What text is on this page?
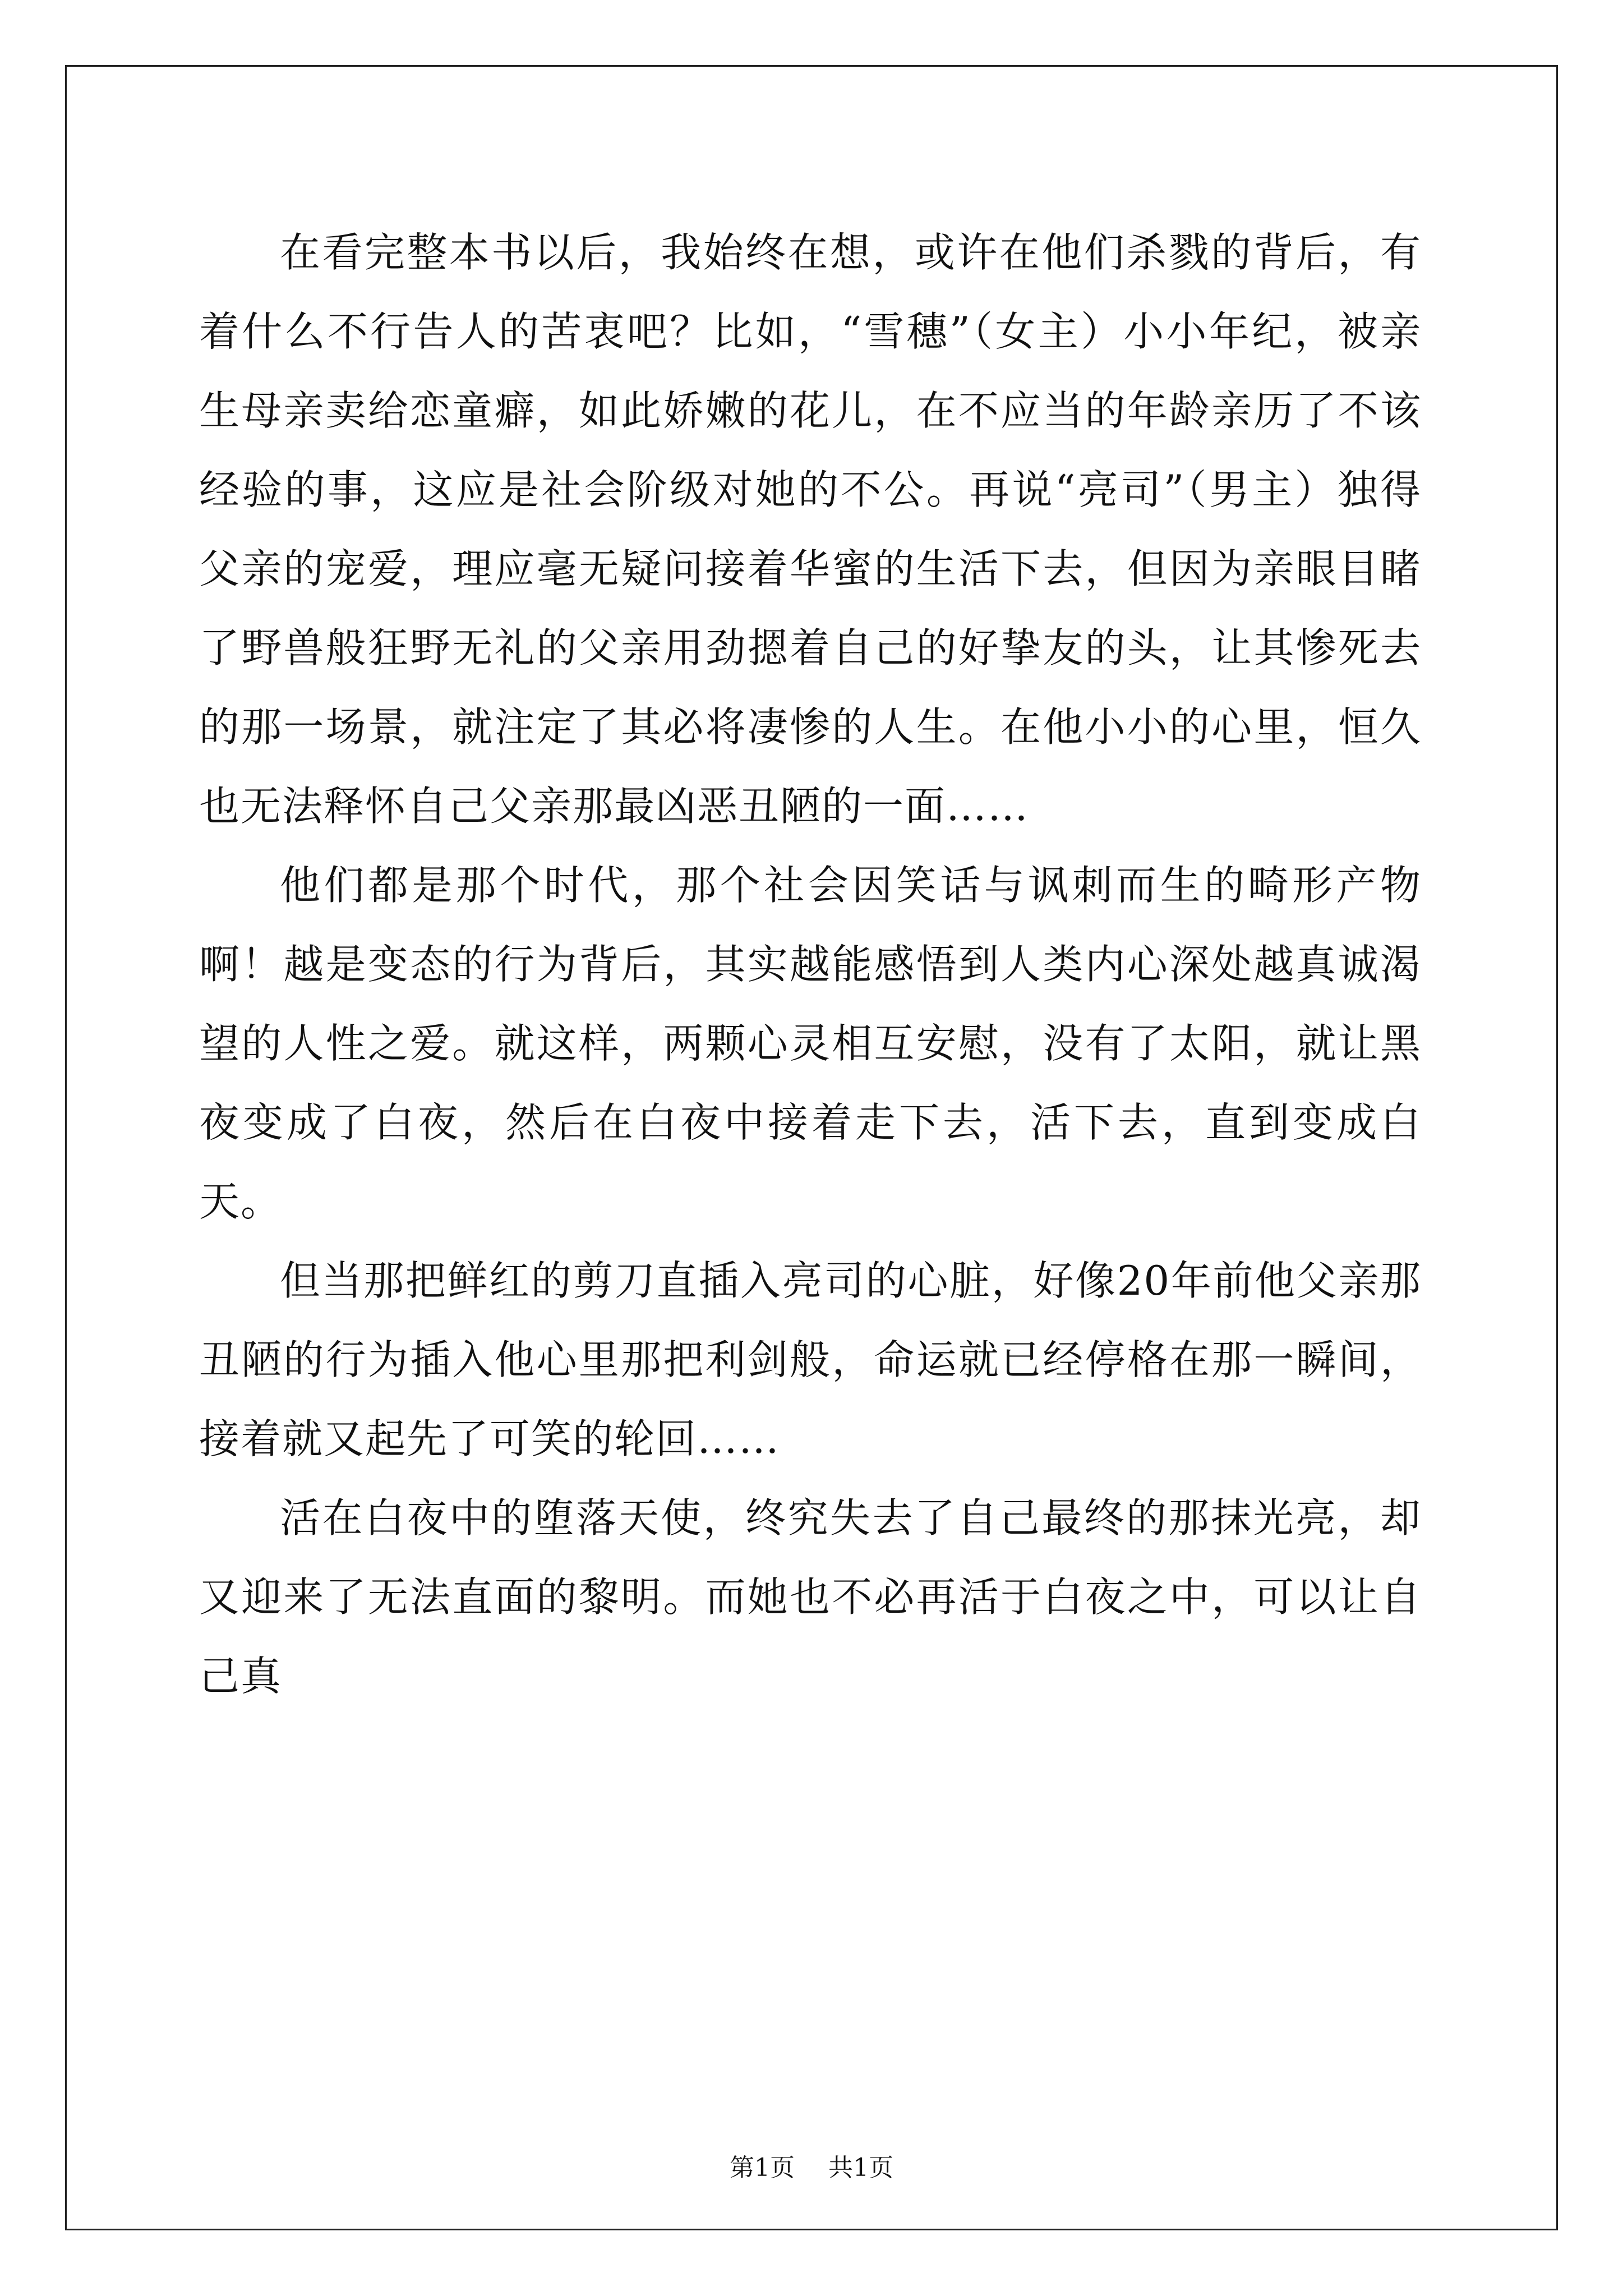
在看完整本书以后，我始终在想，或许在他们杀戮的背后，有着什么不行告人的苦衷吧？比如，“雪穗”（女主）小小年纪，被亲生母亲卖给恋童癖，如此娇嫩的花儿，在不应当的年龄亲历了不该经验的事，这应是社会阶级对她的不公。再说“亮司”（男主）独得父亲的宠爱，理应毫无疑问接着华蜜的生活下去，但因为亲眼目睹了野兽般狂野无礼的父亲用劲摁着自己的好挚友的头，让其惨死去的那一场景，就注定了其必将凄惨的人生。在他小小的心里，恒久也无法释怀自己父亲那最凶恶丑陋的一面……

他们都是那个时代，那个社会因笑话与讽刺而生的畸形产物啊！越是变态的行为背后，其实越能感悟到人类内心深处越真诚渴望的人性之爱。就这样，两颗心灵相互安慰，没有了太阳，就让黑夜变成了白夜，然后在白夜中接着走下去，活下去，直到变成白天。

但当那把鲜红的剪刀直插入亮司的心脏，好像20年前他父亲那丑陋的行为插入他心里那把利剑般，命运就已经停格在那一瞬间，接着就又起先了可笑的轮回……

活在白夜中的堕落天使，终究失去了自己最终的那抹光亮，却又迎来了无法直面的黎明。而她也不必再活于白夜之中，可以让自己真

第1页 共1页
